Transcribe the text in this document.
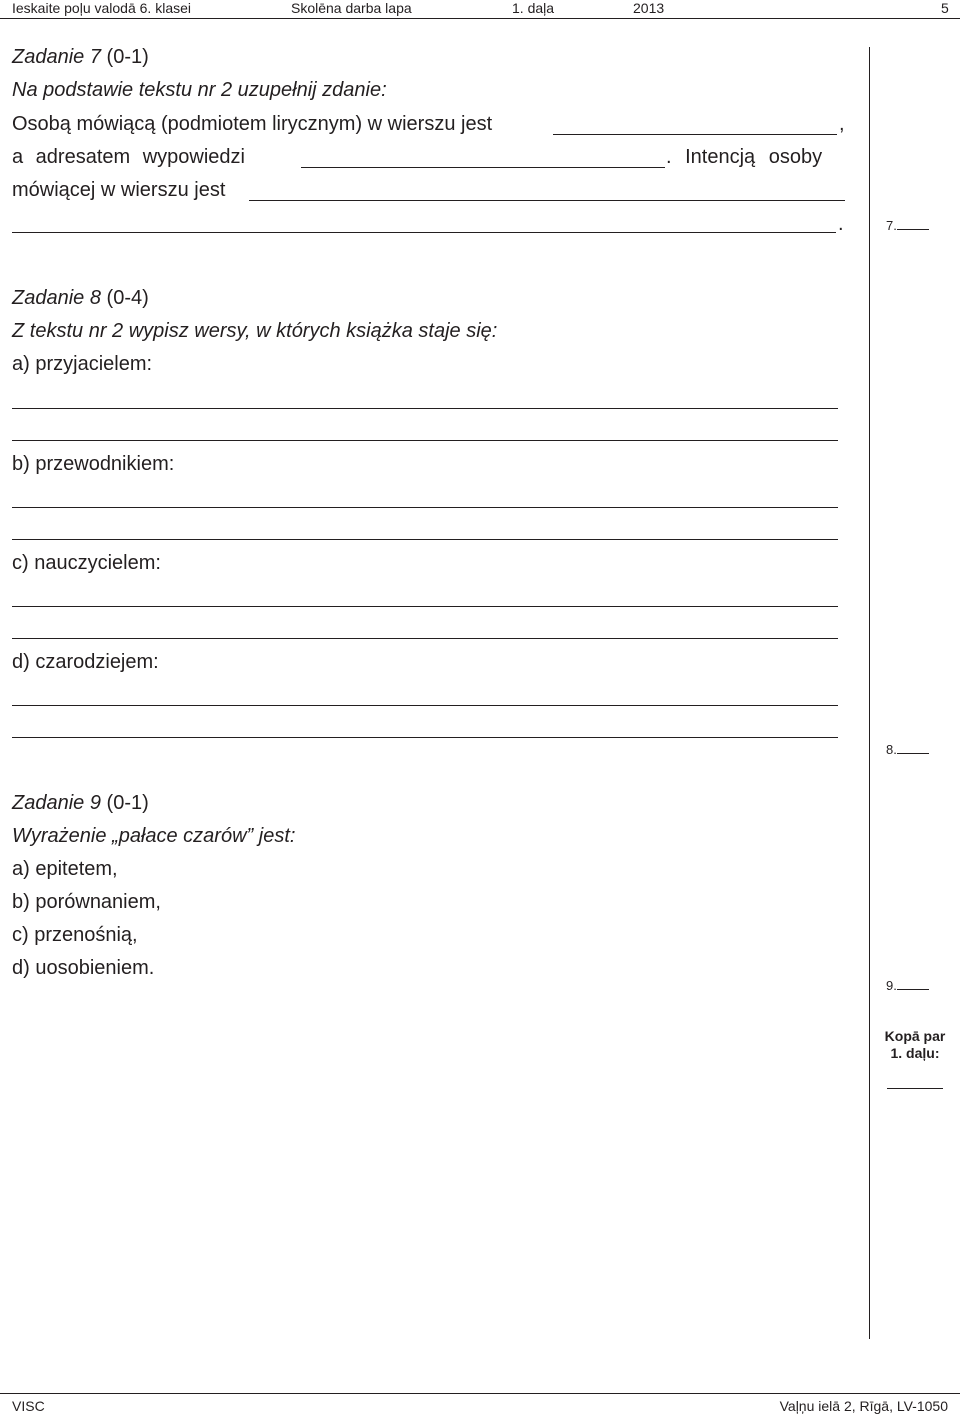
Ieskaite poļu valodā 6. klasei	Skolēna darba lapa	1. daļa	2013	5
Zadanie 7 (0-1)
Na podstawie tekstu nr 2 uzupełnij zdanie:
Osobą mówiącą (podmiotem lirycznym) w wierszu jest	,
a adresatem wypowiedzi	. Intencją osoby
mówiącej w wierszu jest
.	7.
Zadanie 8 (0-4)
Z tekstu nr 2 wypisz wersy, w których książka staje się:
a) przyjacielem:
b) przewodnikiem:
c) nauczycielem:
d) czarodziejem:
8.
Zadanie 9 (0-1)
Wyrażenie „pałace czarów” jest:
a) epitetem,
b) porównaniem,
c) przenośnią,
d) uosobieniem.
9.
Kopā par
1. daļu:
VISC	Vaļņu ielā 2, Rīgā, LV-1050
